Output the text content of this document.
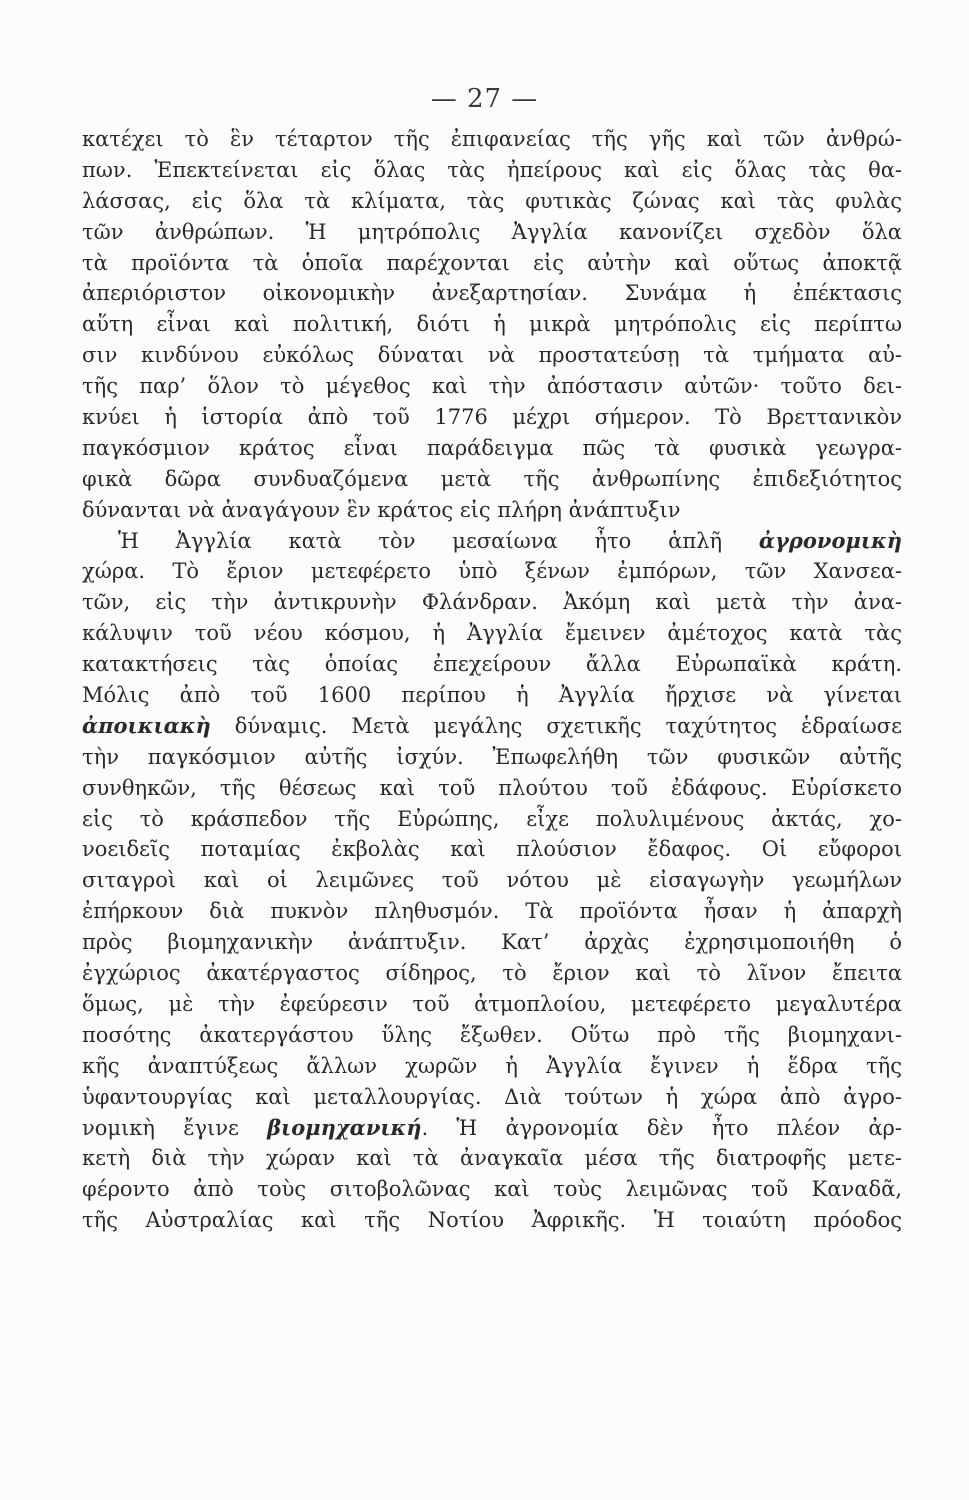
— 27 —
κατέχει τὸ ἓν τέταρτον τῆς ἐπιφανείας τῆς γῆς καὶ τῶν ἀνθρώ-
πων. Ἐπεκτείνεται εἰς ὅλας τὰς ἠπείρους καὶ εἰς ὅλας τὰς θα-
λάσσας, εἰς ὅλα τὰ κλίματα, τὰς φυτικὰς ζώνας καὶ τὰς φυλὰς
τῶν ἀνθρώπων. Ἡ μητρόπολις Ἀγγλία κανονίζει σχεδὸν ὅλα
τὰ προϊόντα τὰ ὁποῖα παρέχονται εἰς αὐτὴν καὶ οὕτως ἀποκτᾷ
ἀπεριόριστον οἰκονομικὴν ἀνεξαρτησίαν. Συνάμα ἡ ἐπέκτασις
αὕτη εἶναι καὶ πολιτική, διότι ἡ μικρὰ μητρόπολις εἰς περίπτω
σιν κινδύνου εὐκόλως δύναται νὰ προστατεύσῃ τὰ τμήματα αὐ-
τῆς παρ’ ὅλον τὸ μέγεθος καὶ τὴν ἀπόστασιν αὐτῶν· τοῦτο δει-
κνύει ἡ ἱστορία ἀπὸ τοῦ 1776 μέχρι σήμερον. Τὸ Βρεττανικὸν
παγκόσμιον κράτος εἶναι παράδειγμα πῶς τὰ φυσικὰ γεωγρα-
φικὰ δῶρα συνδυαζόμενα μετὰ τῆς ἀνθρωπίνης ἐπιδεξιότητος
δύνανται νὰ ἀναγάγουν ἓν κράτος εἰς πλήρη ἀνάπτυξιν
Ἡ Ἀγγλία κατὰ τὸν μεσαίωνα ἦτο ἁπλῆ ἀγρονομικὴ
χώρα. Τὸ ἔριον μετεφέρετο ὑπὸ ξένων ἐμπόρων, τῶν Χανσεα-
τῶν, εἰς τὴν ἀντικρυνὴν Φλάνδραν. Ἀκόμη καὶ μετὰ τὴν ἀνα-
κάλυψιν τοῦ νέου κόσμου, ἡ Ἀγγλία ἔμεινεν ἀμέτοχος κατὰ τὰς
κατακτήσεις τὰς ὁποίας ἐπεχείρουν ἄλλα Εὐρωπαϊκὰ κράτη.
Μόλις ἀπὸ τοῦ 1600 περίπου ἡ Ἀγγλία ἤρχισε νὰ γίνεται
ἀποικιακὴ δύναμις. Μετὰ μεγάλης σχετικῆς ταχύτητος ἑδραίωσε
τὴν παγκόσμιον αὐτῆς ἰσχύν. Ἐπωφελήθη τῶν φυσικῶν αὐτῆς
συνθηκῶν, τῆς θέσεως καὶ τοῦ πλούτου τοῦ ἐδάφους. Εὑρίσκετο
εἰς τὸ κράσπεδον τῆς Εὐρώπης, εἶχε πολυλιμένους ἀκτάς, χο-
νοειδεῖς ποταμίας ἐκβολὰς καὶ πλούσιον ἔδαφος. Οἱ εὔφοροι
σιταγροὶ καὶ οἱ λειμῶνες τοῦ νότου μὲ εἰσαγωγὴν γεωμήλων
ἐπήρκουν διὰ πυκνὸν πληθυσμόν. Τὰ προϊόντα ἦσαν ἡ ἀπαρχὴ
πρὸς βιομηχανικὴν ἀνάπτυξιν. Κατ’ ἀρχὰς ἐχρησιμοποιήθη ὁ
ἐγχώριος ἀκατέργαστος σίδηρος, τὸ ἔριον καὶ τὸ λῖνον ἔπειτα
ὅμως, μὲ τὴν ἐφεύρεσιν τοῦ ἀτμοπλοίου, μετεφέρετο μεγαλυτέρα
ποσότης ἀκατεργάστου ὕλης ἔξωθεν. Οὕτω πρὸ τῆς βιομηχανι-
κῆς ἀναπτύξεως ἄλλων χωρῶν ἡ Ἀγγλία ἔγινεν ἡ ἕδρα τῆς
ὑφαντουργίας καὶ μεταλλουργίας. Διὰ τούτων ἡ χώρα ἀπὸ ἀγρο-
νομικὴ ἔγινε βιομηχανική. Ἡ ἀγρονομία δὲν ἦτο πλέον ἀρ-
κετὴ διὰ τὴν χώραν καὶ τὰ ἀναγκαῖα μέσα τῆς διατροφῆς μετε-
φέροντο ἀπὸ τοὺς σιτοβολῶνας καὶ τοὺς λειμῶνας τοῦ Καναδᾶ,
τῆς Αὐστραλίας καὶ τῆς Νοτίου Ἀφρικῆς. Ἡ τοιαύτη πρόοδος
